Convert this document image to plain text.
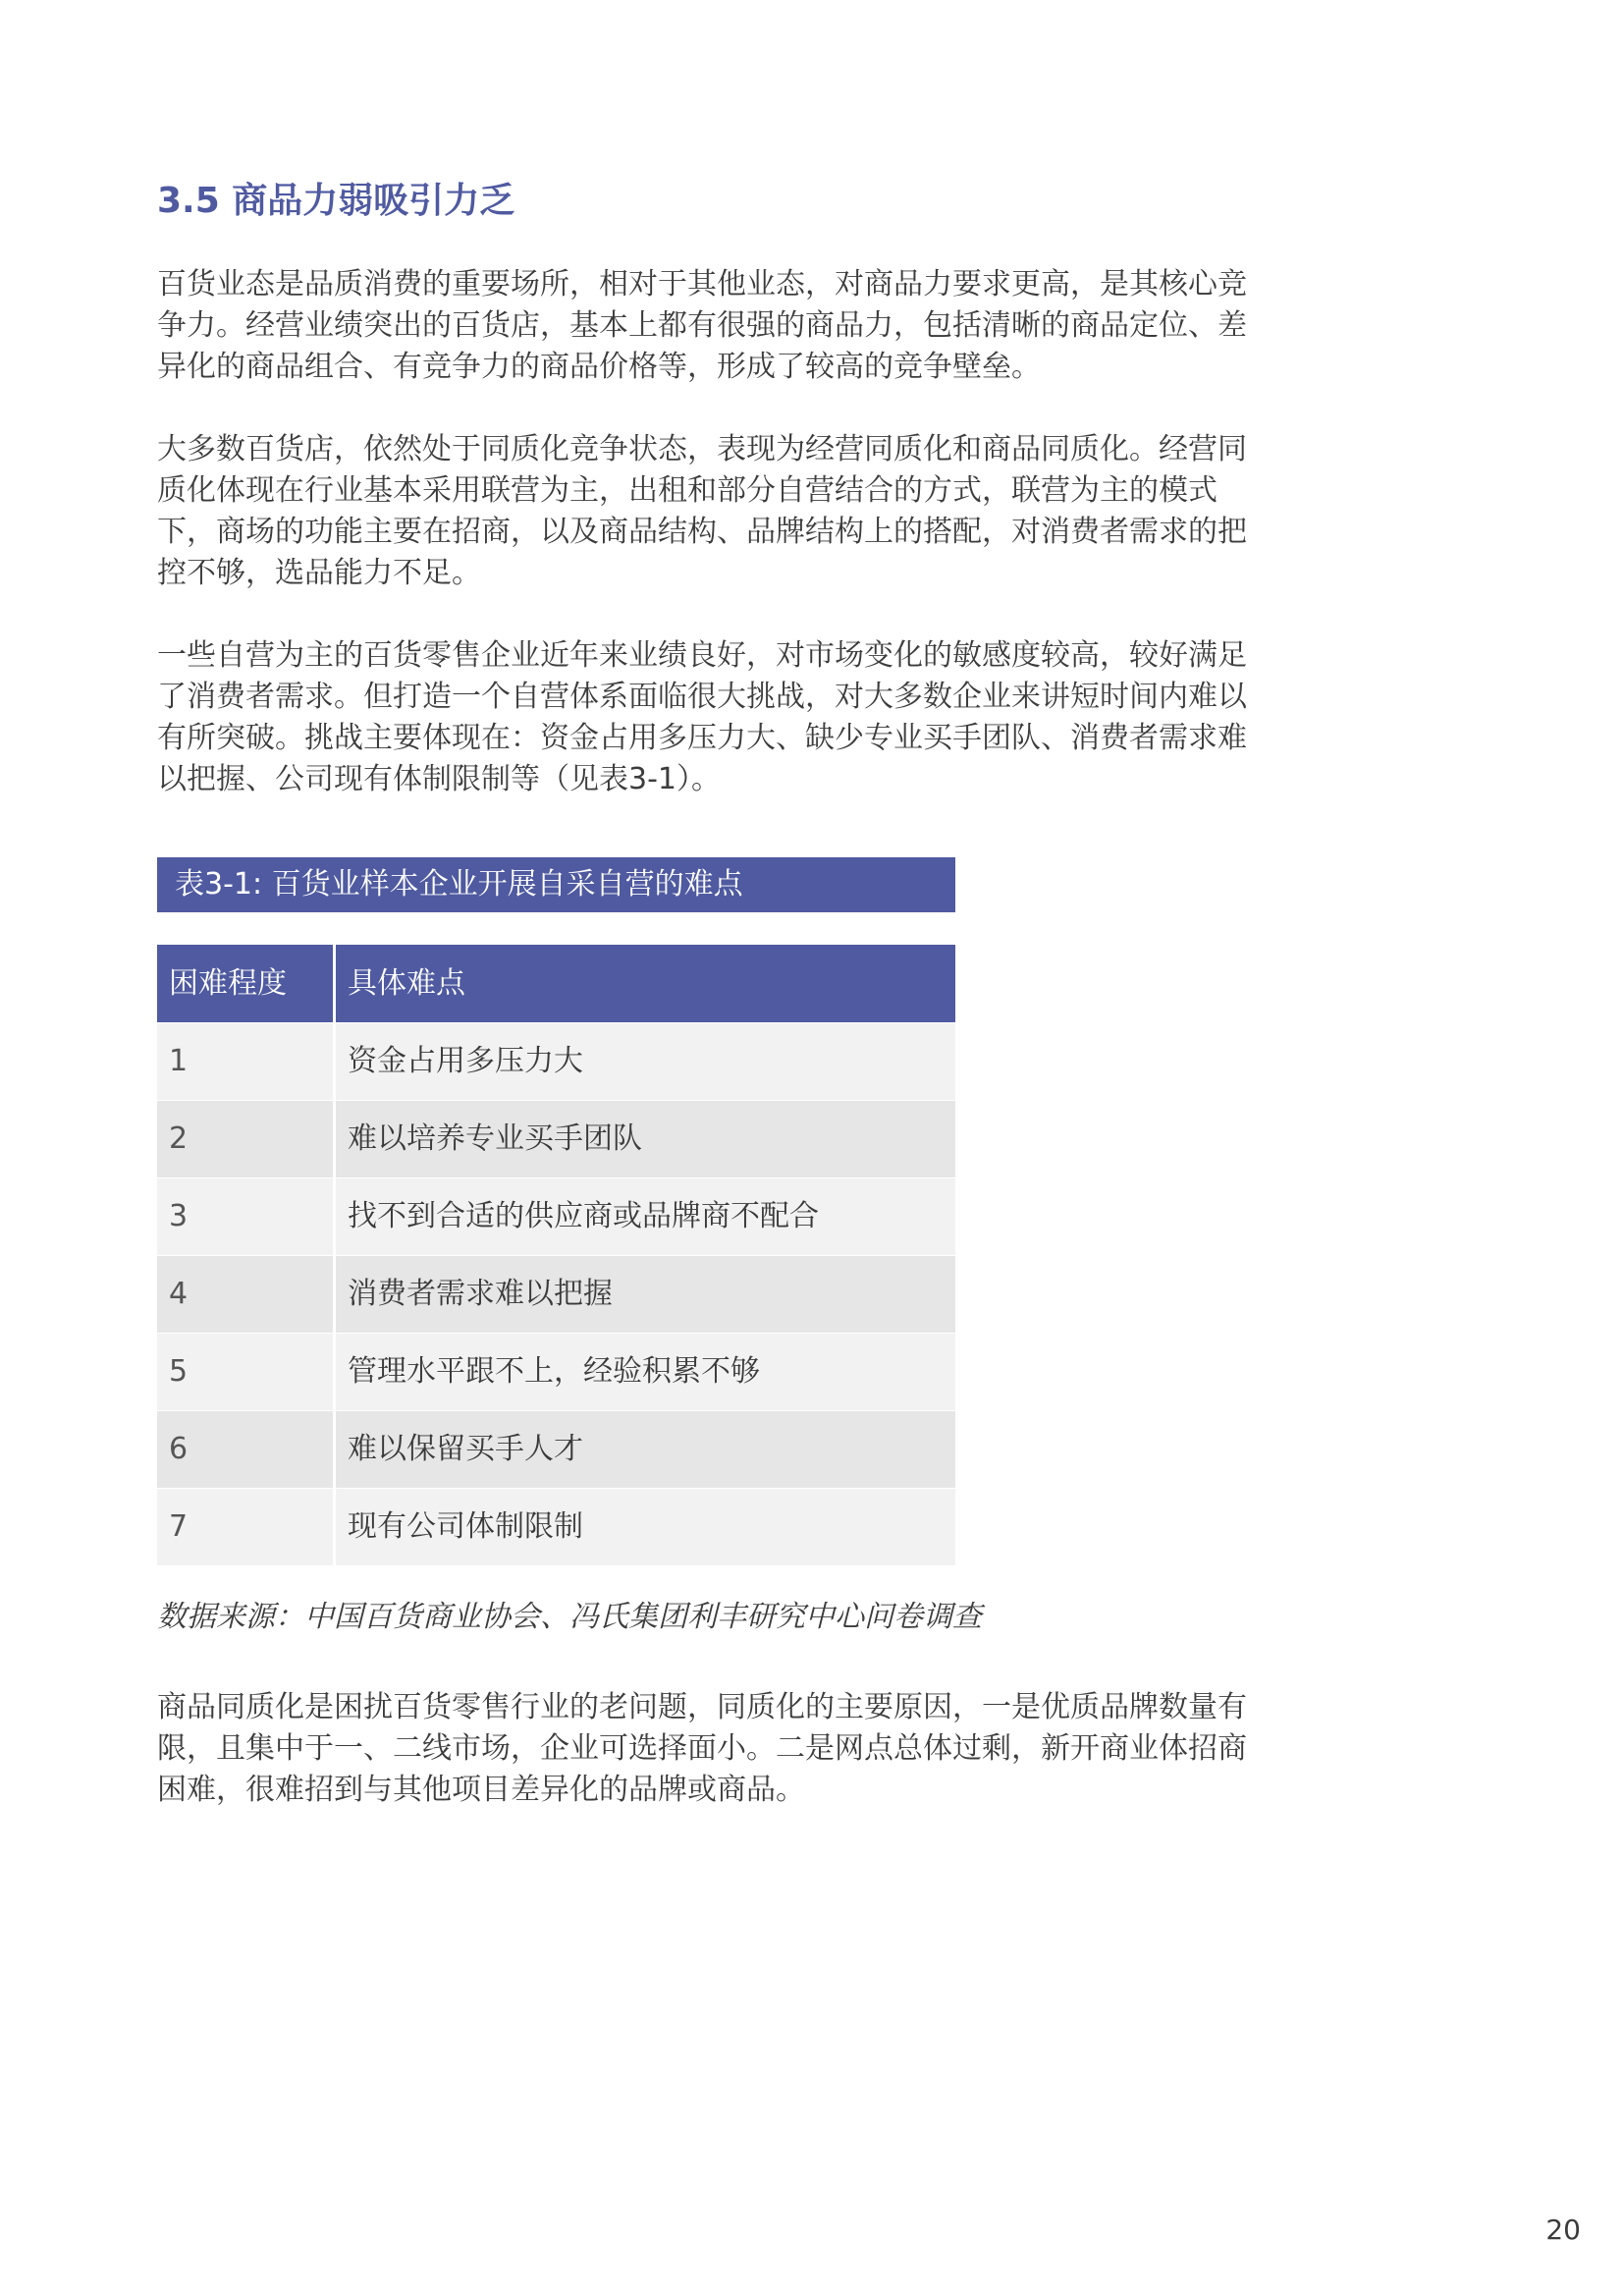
3.5 商品力弱吸引力乏

百货业态是品质消费的重要场所，相对于其他业态，对商品力要求更高，是其核心竞争力。经营业绩突出的百货店，基本上都有很强的商品力，包括清晰的商品定位、差异化的商品组合、有竞争力的商品价格等，形成了较高的竞争壁垒。

大多数百货店，依然处于同质化竞争状态，表现为经营同质化和商品同质化。经营同质化体现在行业基本采用联营为主，出租和部分自营结合的方式，联营为主的模式下，商场的功能主要在招商，以及商品结构、品牌结构上的搭配，对消费者需求的把控不够，选品能力不足。

一些自营为主的百货零售企业近年来业绩良好，对市场变化的敏感度较高，较好满足了消费者需求。但打造一个自营体系面临很大挑战，对大多数企业来讲短时间内难以有所突破。挑战主要体现在：资金占用多压力大、缺少专业买手团队、消费者需求难以把握、公司现有体制限制等（见表3-1）。

表3-1: 百货业样本企业开展自采自营的难点
困难程度	具体难点
1	资金占用多压力大
2	难以培养专业买手团队
3	找不到合适的供应商或品牌商不配合
4	消费者需求难以把握
5	管理水平跟不上，经验积累不够
6	难以保留买手人才
7	现有公司体制限制

数据来源：中国百货商业协会、冯氏集团利丰研究中心问卷调查

商品同质化是困扰百货零售行业的老问题，同质化的主要原因，一是优质品牌数量有限，且集中于一、二线市场，企业可选择面小。二是网点总体过剩，新开商业体招商困难，很难招到与其他项目差异化的品牌或商品。

20
